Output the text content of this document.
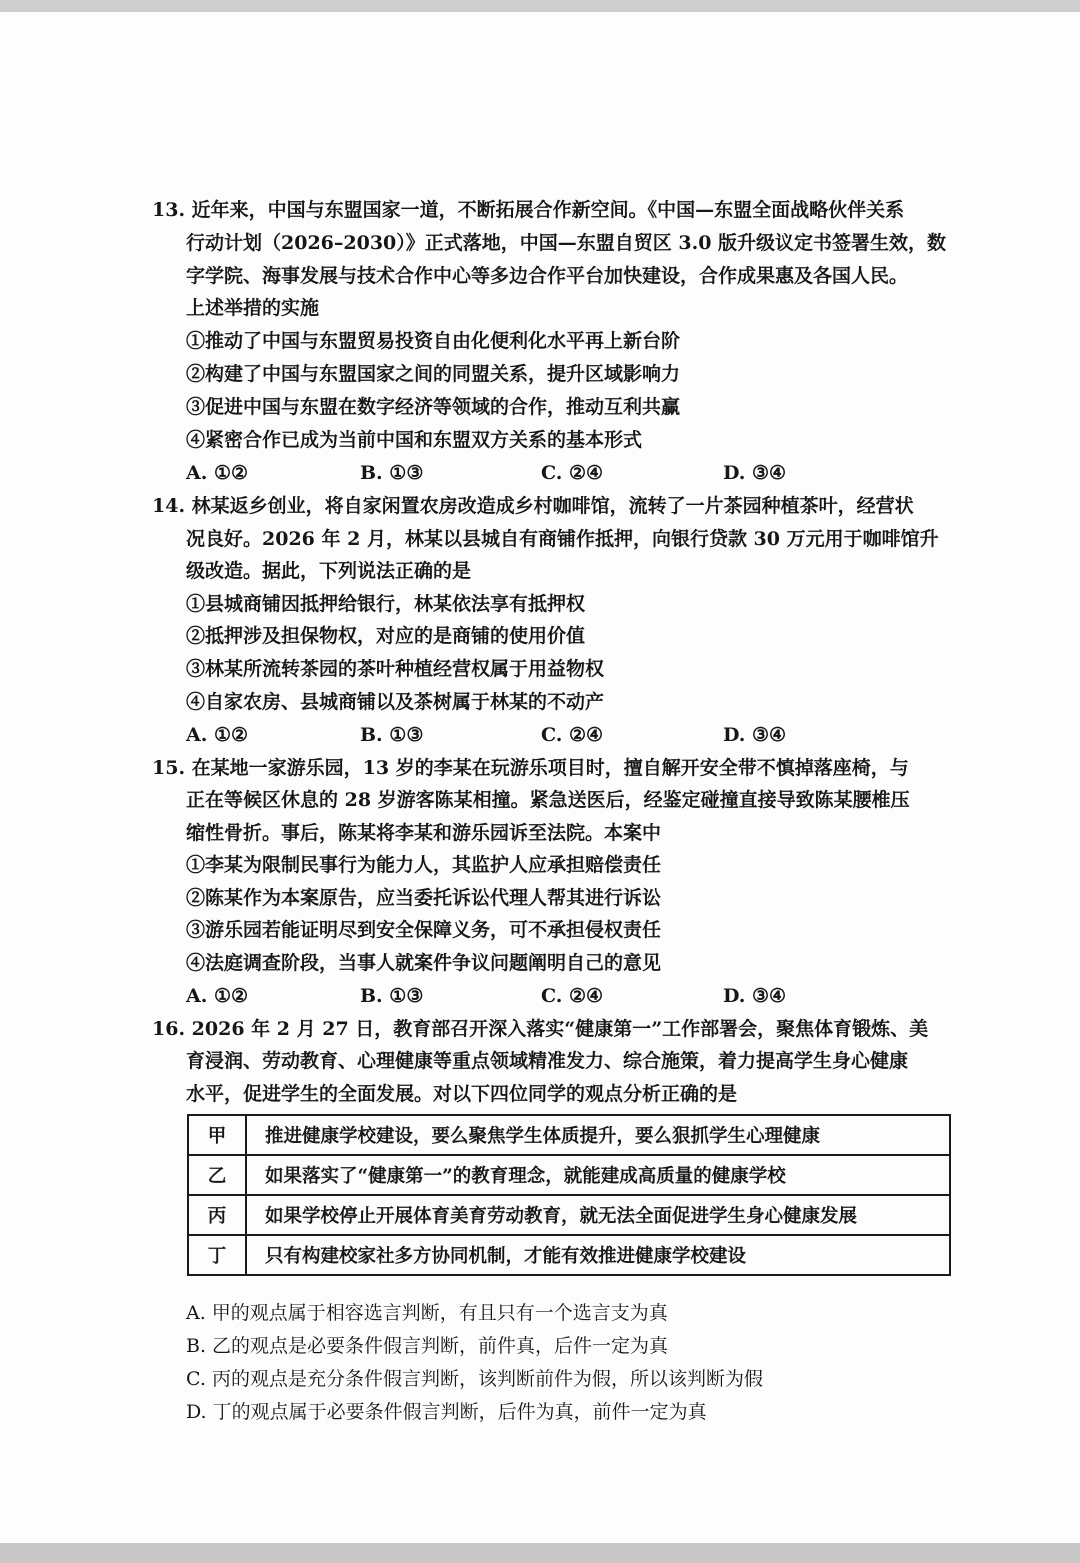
13. 近年来，中国与东盟国家一道，不断拓展合作新空间。《中国—东盟全面战略伙伴关系
行动计划（2026–2030）》正式落地，中国—东盟自贸区 3.0 版升级议定书签署生效，数
字学院、海事发展与技术合作中心等多边合作平台加快建设，合作成果惠及各国人民。
上述举措的实施
①推动了中国与东盟贸易投资自由化便利化水平再上新台阶
②构建了中国与东盟国家之间的同盟关系，提升区域影响力
③促进中国与东盟在数字经济等领域的合作，推动互利共赢
④紧密合作已成为当前中国和东盟双方关系的基本形式
A. ①②	B. ①③	C. ②④	D. ③④
14. 林某返乡创业，将自家闲置农房改造成乡村咖啡馆，流转了一片茶园种植茶叶，经营状
况良好。2026 年 2 月，林某以县城自有商铺作抵押，向银行贷款 30 万元用于咖啡馆升
级改造。据此，下列说法正确的是
①县城商铺因抵押给银行，林某依法享有抵押权
②抵押涉及担保物权，对应的是商铺的使用价值
③林某所流转茶园的茶叶种植经营权属于用益物权
④自家农房、县城商铺以及茶树属于林某的不动产
A. ①②	B. ①③	C. ②④	D. ③④
15. 在某地一家游乐园，13 岁的李某在玩游乐项目时，擅自解开安全带不慎掉落座椅，与
正在等候区休息的 28 岁游客陈某相撞。紧急送医后，经鉴定碰撞直接导致陈某腰椎压
缩性骨折。事后，陈某将李某和游乐园诉至法院。本案中
①李某为限制民事行为能力人，其监护人应承担赔偿责任
②陈某作为本案原告，应当委托诉讼代理人帮其进行诉讼
③游乐园若能证明尽到安全保障义务，可不承担侵权责任
④法庭调查阶段，当事人就案件争议问题阐明自己的意见
A. ①②	B. ①③	C. ②④	D. ③④
16. 2026 年 2 月 27 日，教育部召开深入落实“健康第一”工作部署会，聚焦体育锻炼、美
育浸润、劳动教育、心理健康等重点领域精准发力、综合施策，着力提高学生身心健康
水平，促进学生的全面发展。对以下四位同学的观点分析正确的是
甲	推进健康学校建设，要么聚焦学生体质提升，要么狠抓学生心理健康
乙	如果落实了“健康第一”的教育理念，就能建成高质量的健康学校
丙	如果学校停止开展体育美育劳动教育，就无法全面促进学生身心健康发展
丁	只有构建校家社多方协同机制，才能有效推进健康学校建设
A. 甲的观点属于相容选言判断，有且只有一个选言支为真
B. 乙的观点是必要条件假言判断，前件真，后件一定为真
C. 丙的观点是充分条件假言判断，该判断前件为假，所以该判断为假
D. 丁的观点属于必要条件假言判断，后件为真，前件一定为真
